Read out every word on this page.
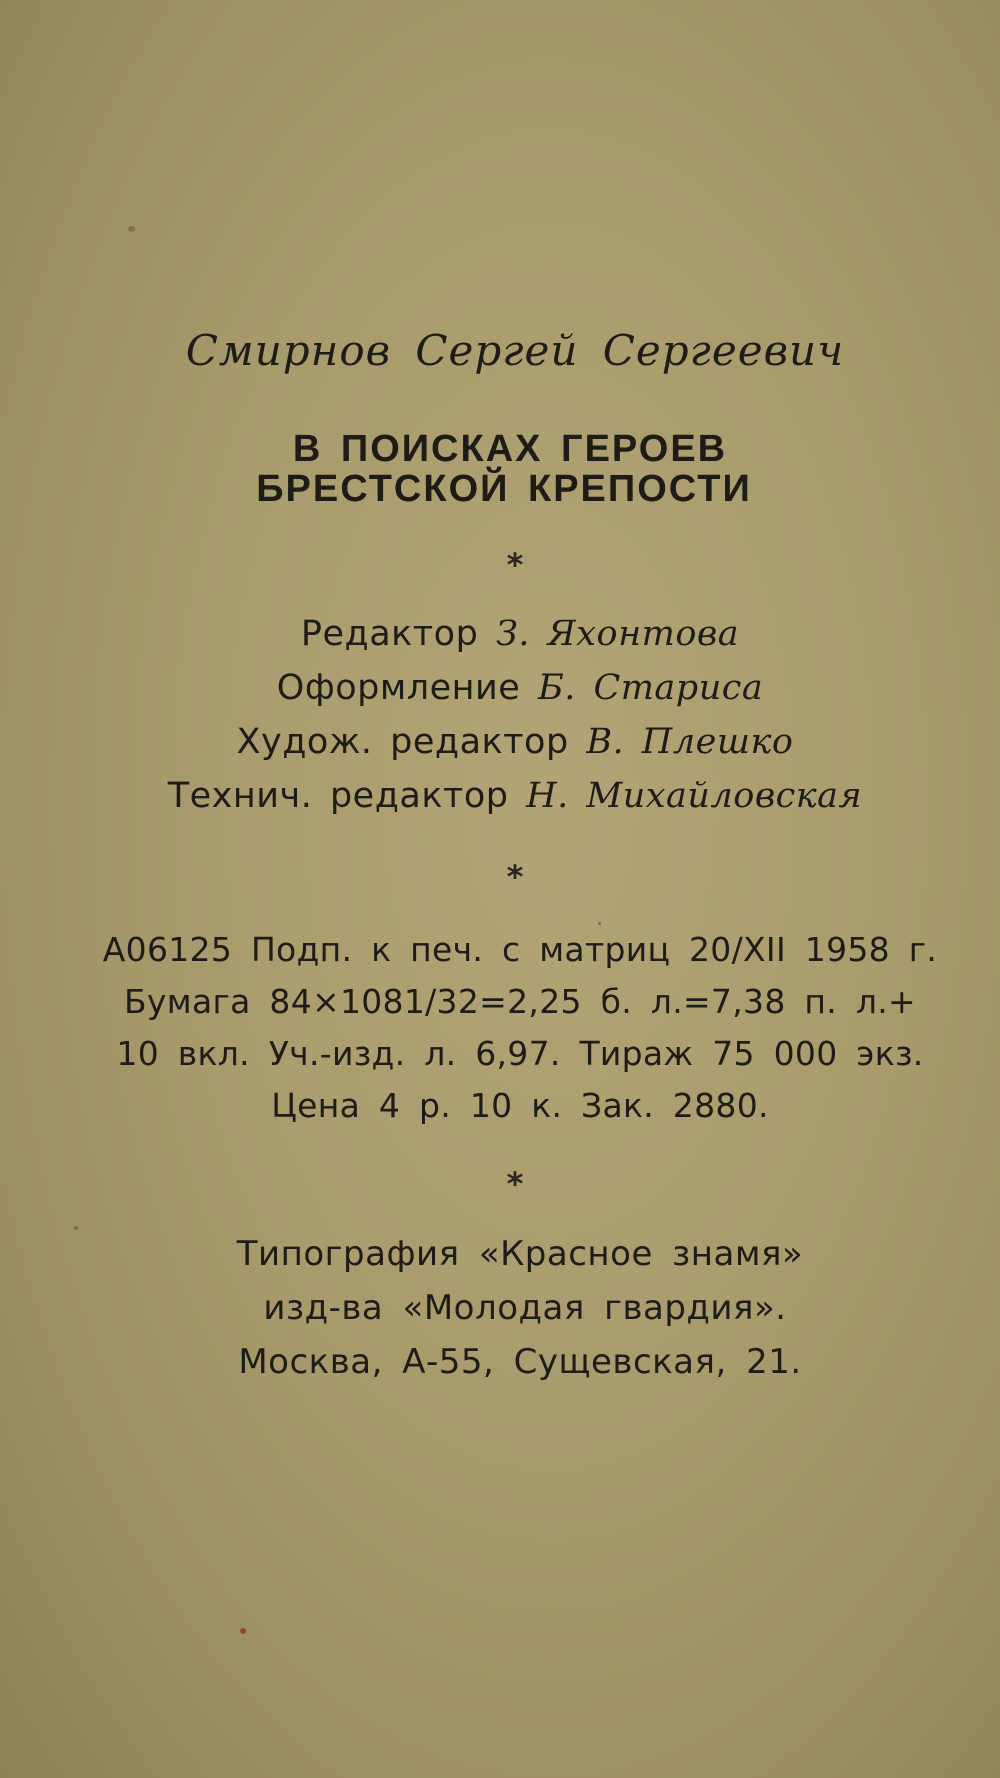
Смирнов Сергей Сергеевич
В ПОИСКАХ ГЕРОЕВ
БРЕСТСКОЙ КРЕПОСТИ
*
Редактор З. Яхонтова
Оформление Б. Стариса
Худож. редактор В. Плешко
Технич. редактор Н. Михайловская
*
А06125 Подп. к печ. с матриц 20/XII 1958 г.
Бумага 84×1081/32=2,25 б. л.=7,38 п. л.+
10 вкл. Уч.-изд. л. 6,97. Тираж 75 000 экз.
Цена 4 р. 10 к. Зак. 2880.
*
Типография «Красное знамя»
изд-ва «Молодая гвардия».
Москва, А-55, Сущевская, 21.
